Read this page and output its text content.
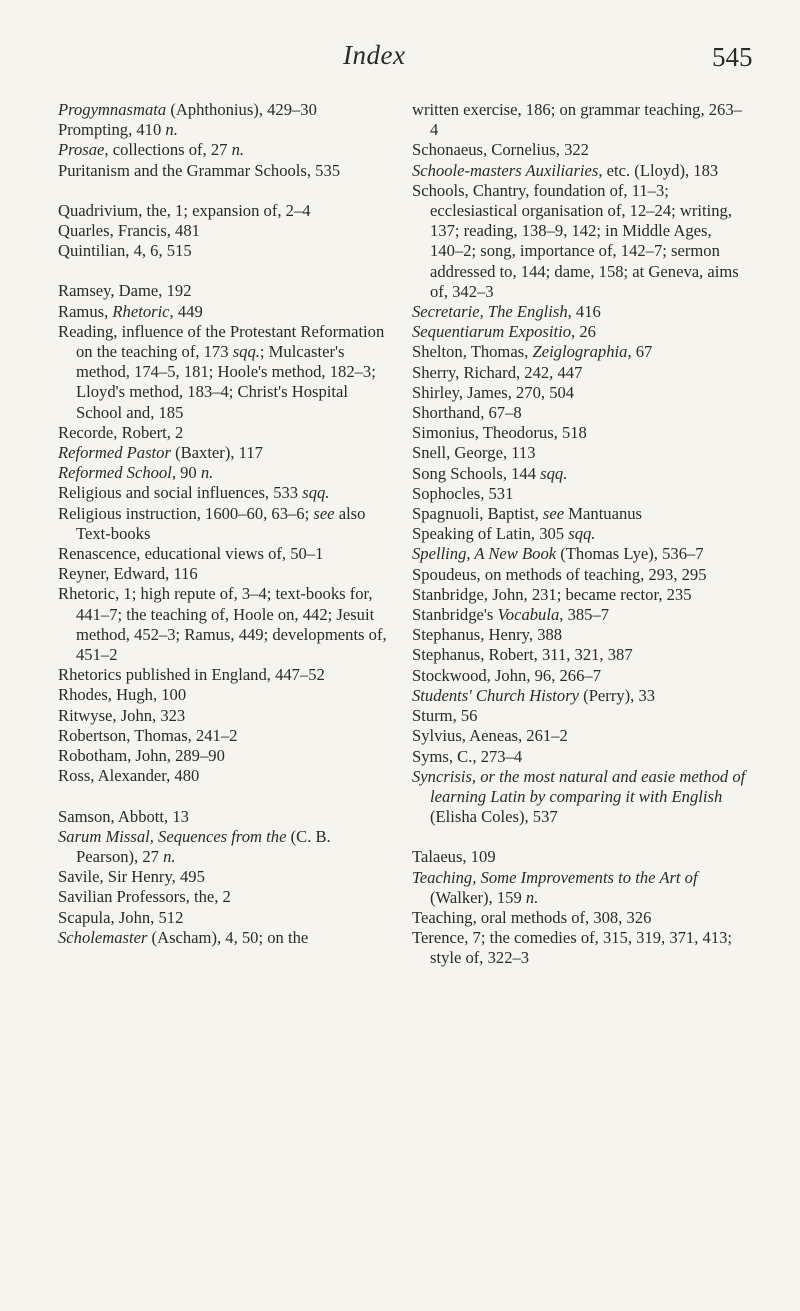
Index	545

Progymnasmata (Aphthonius), 429–30

Prompting, 410 n.

Prosae, collections of, 27 n.

Puritanism and the Grammar Schools, 535

Quadrivium, the, 1; expansion of, 2–4

Quarles, Francis, 481

Quintilian, 4, 6, 515

Ramsey, Dame, 192

Ramus, Rhetoric, 449

Reading, influence of the Protestant Reformation on the teaching of, 173 sqq.; Mulcaster's method, 174–5, 181; Hoole's method, 182–3; Lloyd's method, 183–4; Christ's Hospital School and, 185

Recorde, Robert, 2

Reformed Pastor (Baxter), 117

Reformed School, 90 n.

Religious and social influences, 533 sqq.

Religious instruction, 1600–60, 63–6; see also Text-books

Renascence, educational views of, 50–1

Reyner, Edward, 116

Rhetoric, 1; high repute of, 3–4; text-books for, 441–7; the teaching of, Hoole on, 442; Jesuit method, 452–3; Ramus, 449; developments of, 451–2

Rhetorics published in England, 447–52

Rhodes, Hugh, 100

Ritwyse, John, 323

Robertson, Thomas, 241–2

Robotham, John, 289–90

Ross, Alexander, 480

Samson, Abbott, 13

Sarum Missal, Sequences from the (C. B. Pearson), 27 n.

Savile, Sir Henry, 495

Savilian Professors, the, 2

Scapula, John, 512

Scholemaster (Ascham), 4, 50; on the

written exercise, 186; on grammar teaching, 263–4

Schonaeus, Cornelius, 322

Schoole-masters Auxiliaries, etc. (Lloyd), 183

Schools, Chantry, foundation of, 11–3; ecclesiastical organisation of, 12–24; writing, 137; reading, 138–9, 142; in Middle Ages, 140–2; song, importance of, 142–7; sermon addressed to, 144; dame, 158; at Geneva, aims of, 342–3

Secretarie, The English, 416

Sequentiarum Expositio, 26

Shelton, Thomas, Zeiglographia, 67

Sherry, Richard, 242, 447

Shirley, James, 270, 504

Shorthand, 67–8

Simonius, Theodorus, 518

Snell, George, 113

Song Schools, 144 sqq.

Sophocles, 531

Spagnuoli, Baptist, see Mantuanus

Speaking of Latin, 305 sqq.

Spelling, A New Book (Thomas Lye), 536–7

Spoudeus, on methods of teaching, 293, 295

Stanbridge, John, 231; became rector, 235

Stanbridge's Vocabula, 385–7

Stephanus, Henry, 388

Stephanus, Robert, 311, 321, 387

Stockwood, John, 96, 266–7

Students' Church History (Perry), 33

Sturm, 56

Sylvius, Aeneas, 261–2

Syms, C., 273–4

Syncrisis, or the most natural and easie method of learning Latin by comparing it with English (Elisha Coles), 537

Talaeus, 109

Teaching, Some Improvements to the Art of (Walker), 159 n.

Teaching, oral methods of, 308, 326

Terence, 7; the comedies of, 315, 319, 371, 413; style of, 322–3
